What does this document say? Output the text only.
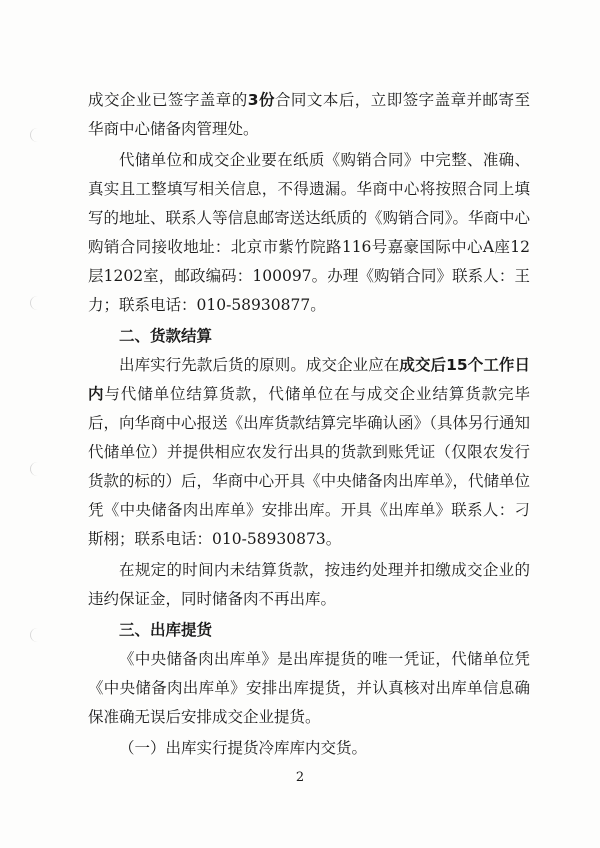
成交企业已签字盖章的3份合同文本后，立即签字盖章并邮寄至华商中心储备肉管理处。

代储单位和成交企业要在纸质《购销合同》中完整、准确、真实且工整填写相关信息，不得遗漏。华商中心将按照合同上填写的地址、联系人等信息邮寄送达纸质的《购销合同》。华商中心购销合同接收地址：北京市紫竹院路116号嘉豪国际中心A座12层1202室，邮政编码：100097。办理《购销合同》联系人：王力；联系电话：010-58930877。

二、货款结算

出库实行先款后货的原则。成交企业应在成交后15个工作日内与代储单位结算货款，代储单位在与成交企业结算货款完毕后，向华商中心报送《出库货款结算完毕确认函》（具体另行通知代储单位）并提供相应农发行出具的货款到账凭证（仅限农发行货款的标的）后，华商中心开具《中央储备肉出库单》，代储单位凭《中央储备肉出库单》安排出库。开具《出库单》联系人：刁斯栩；联系电话：010-58930873。

在规定的时间内未结算货款，按违约处理并扣缴成交企业的违约保证金，同时储备肉不再出库。

三、出库提货

《中央储备肉出库单》是出库提货的唯一凭证，代储单位凭《中央储备肉出库单》安排出库提货，并认真核对出库单信息确保准确无误后安排成交企业提货。

（一）出库实行提货冷库库内交货。

2
